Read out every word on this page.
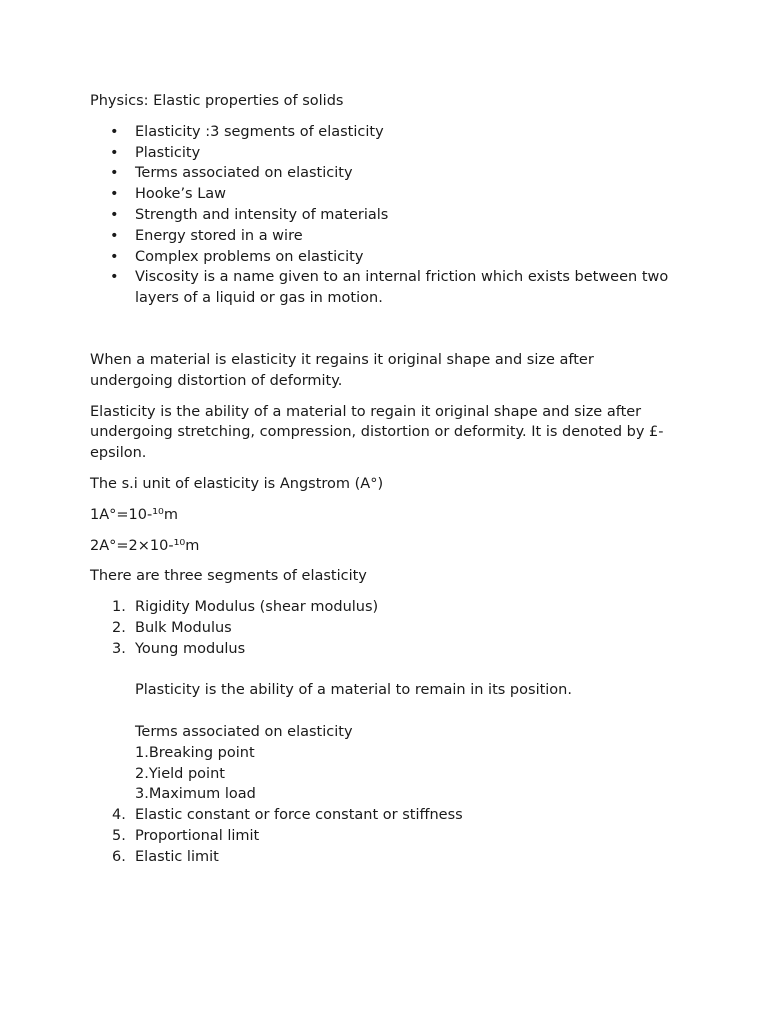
Physics: Elastic properties of solids

• Elasticity :3 segments of elasticity
• Plasticity
• Terms associated on elasticity
• Hooke’s Law
• Strength and intensity of materials
• Energy stored in a wire
• Complex problems on elasticity
• Viscosity is a name given to an internal friction which exists between two layers of a liquid or gas in motion.

When a material is elasticity it regains it original shape and size after undergoing distortion of deformity.

Elasticity is the ability of a material to regain it original shape and size after undergoing stretching, compression, distortion or deformity. It is denoted by £- epsilon.

The s.i unit of elasticity is Angstrom (A°)

1A°=10-¹⁰m

2A°=2×10-¹⁰m

There are three segments of elasticity

1. Rigidity Modulus (shear modulus)
2. Bulk Modulus
3. Young modulus

Plasticity is the ability of a material to remain in its position.

Terms associated on elasticity

1.Breaking point

2.Yield point

3.Maximum load

4. Elastic constant or force constant or stiffness
5. Proportional limit
6. Elastic limit
